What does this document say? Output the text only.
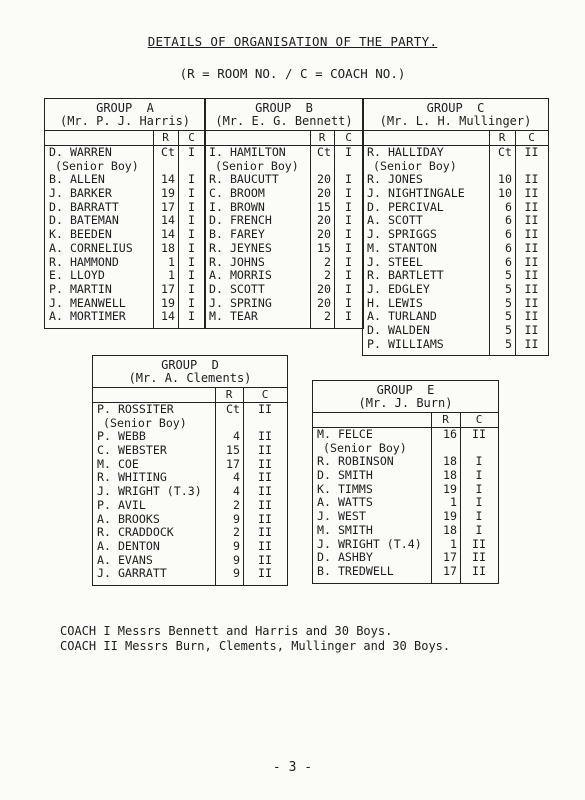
DETAILS OF ORGANISATION OF THE PARTY.
(R = ROOM NO. / C = COACH NO.)
GROUP  A
(Mr. P. J. Harris)
R	C
D. WARREN	Ct	I
(Senior Boy)
B. ALLEN	14	I
J. BARKER	19	I
D. BARRATT	17	I
D. BATEMAN	14	I
K. BEEDEN	14	I
A. CORNELIUS	18	I
R. HAMMOND	1	I
E. LLOYD	1	I
P. MARTIN	17	I
J. MEANWELL	19	I
A. MORTIMER	14	I
GROUP  B
(Mr. E. G. Bennett)
R	C
I. HAMILTON	Ct	I
(Senior Boy)
R. BAUCUTT	20	I
C. BROOM	20	I
I. BROWN	15	I
D. FRENCH	20	I
B. FAREY	20	I
R. JEYNES	15	I
R. JOHNS	2	I
A. MORRIS	2	I
D. SCOTT	20	I
J. SPRING	20	I
M. TEAR	2	I
GROUP  C
(Mr. L. H. Mullinger)
R	C
R. HALLIDAY	Ct	II
(Senior Boy)
R. JONES	10	II
J. NIGHTINGALE	10	II
D. PERCIVAL	6	II
A. SCOTT	6	II
J. SPRIGGS	6	II
M. STANTON	6	II
J. STEEL	6	II
R. BARTLETT	5	II
J. EDGLEY	5	II
H. LEWIS	5	II
A. TURLAND	5	II
D. WALDEN	5	II
P. WILLIAMS	5	II
GROUP  D
(Mr. A. Clements)
R	C
P. ROSSITER	Ct	II
(Senior Boy)
P. WEBB	4	II
C. WEBSTER	15	II
M. COE	17	II
R. WHITING	4	II
J. WRIGHT (T.3)	4	II
P. AVIL	2	II
A. BROOKS	9	II
R. CRADDOCK	2	II
A. DENTON	9	II
A. EVANS	9	II
J. GARRATT	9	II
GROUP  E
(Mr. J. Burn)
R	C
M. FELCE	16	II
(Senior Boy)
R. ROBINSON	18	I
D. SMITH	18	I
K. TIMMS	19	I
A. WATTS	1	I
J. WEST	19	I
M. SMITH	18	I
J. WRIGHT (T.4)	1	II
D. ASHBY	17	II
B. TREDWELL	17	II
COACH I Messrs Bennett and Harris and 30 Boys.
COACH II Messrs Burn, Clements, Mullinger and 30 Boys.
- 3 -
